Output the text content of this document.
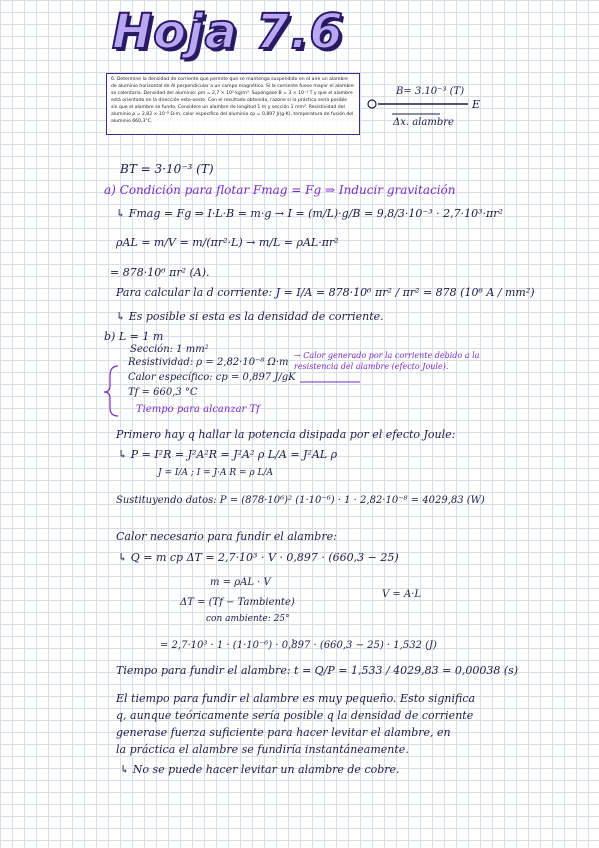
Hoja 7.6
6. Determine la densidad de corriente que permite que se mantenga suspendido en el aire un alambre de aluminio horizontal de Al perpendicular a un campo magnético. Si la corriente fuese mayor el alambre se calentaría. Densidad del aluminio: ρm = 2,7 × 10³ kg/m³. Supóngase B = 3 × 10⁻³ T y que el alambre está orientado en la dirección este-oeste. Con el resultado obtenido, razone si la práctica sería posible sin que el alambre se funda. Considere un alambre de longitud 1 m y sección 1 mm². Resistividad del aluminio ρ = 2,82 × 10⁻⁸ Ω·m, calor específico del aluminio cp = 0,897 J/(g·K), temperatura de fusión del aluminio 660,3°C.
B= 3.10⁻³ (T)
E
Δx. alambre
BT = 3·10⁻³ (T)
a) Condición para flotar Fmag = Fg ⇒ Inducir gravitación
↳ Fmag = Fg ⇒ I·L·B = m·g → I = (m/L)·g/B = 9,8/3·10⁻³ · 2,7·10³·πr²
ρAL = m/V = m/(πr²·L) → m/L = ρAL·πr²
= 878·10⁶ πr² (A).
Para calcular la d corriente: J = I/A = 878·10⁶ πr² / πr² = 878 (10⁶ A / mm²)
↳ Es posible si esta es la densidad de corriente.
b) L = 1 m
Sección: 1 mm²
Resistividad: ρ = 2,82·10⁻⁸ Ω·m
Calor específico: cp = 0,897 J/gK
Tf = 660,3 °C
→ Calor generado por la corriente debido a la resistencia del alambre (efecto Joule).
Tiempo para alcanzar Tf
Primero hay q hallar la potencia disipada por el efecto Joule:
↳ P = I²R = J²A²R = J²A² ρ L/A = J²AL ρ
J = I/A ; I = J·A R = ρ L/A
Sustituyendo datos: P = (878·10⁶)² (1·10⁻⁶) · 1 · 2,82·10⁻⁸ = 4029,83 (W)
Calor necesario para fundir el alambre:
↳ Q = m cp ΔT = 2,7·10³ · V · 0,897 · (660,3 − 25)
m = ρAL · V
V = A·L
ΔT = (Tf − Tambiente)
con ambiente: 25°
= 2,7·10³ · 1 · (1·10⁻⁶) · 0,897 · (660,3 − 25) · 1,532 (J)
Tiempo para fundir el alambre: t = Q/P = 1,533 / 4029,83 = 0,00038 (s)
El tiempo para fundir el alambre es muy pequeño. Esto significa
q, aunque teóricamente sería posible q la densidad de corriente
generase fuerza suficiente para hacer levitar el alambre, en
la práctica el alambre se fundiría instantáneamente.
↳ No se puede hacer levitar un alambre de cobre.
